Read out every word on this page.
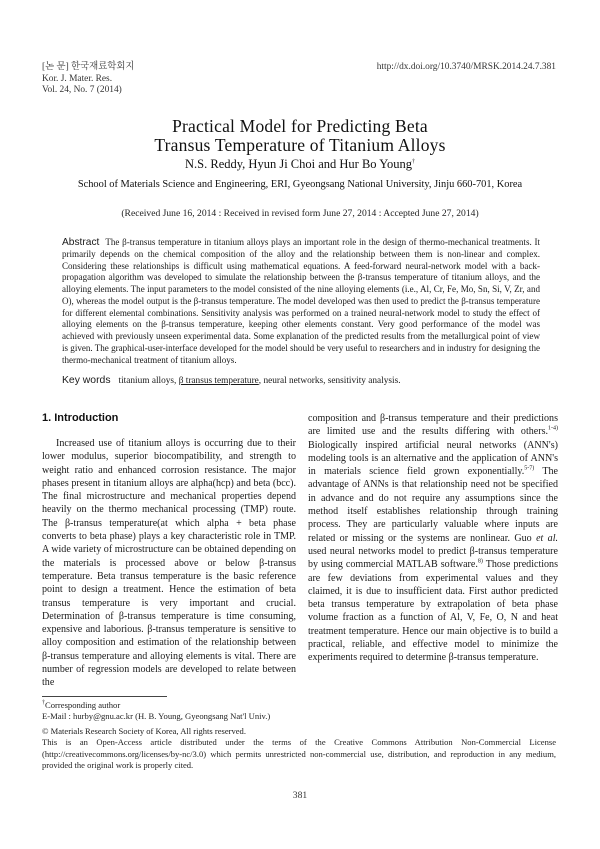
[논 문] 한국재료학회지
Kor. J. Mater. Res.
Vol. 24, No. 7 (2014)
http://dx.doi.org/10.3740/MRSK.2014.24.7.381
Practical Model for Predicting Beta
Transus Temperature of Titanium Alloys
N.S. Reddy, Hyun Ji Choi and Hur Bo Young†
School of Materials Science and Engineering, ERI, Gyeongsang National University, Jinju 660-701, Korea
(Received June 16, 2014 : Received in revised form June 27, 2014 : Accepted June 27, 2014)
Abstract The β-transus temperature in titanium alloys plays an important role in the design of thermo-mechanical treatments. It primarily depends on the chemical composition of the alloy and the relationship between them is non-linear and complex. Considering these relationships is difficult using mathematical equations. A feed-forward neural-network model with a back-propagation algorithm was developed to simulate the relationship between the β-transus temperature of titanium alloys, and the alloying elements. The input parameters to the model consisted of the nine alloying elements (i.e., Al, Cr, Fe, Mo, Sn, Si, V, Zr, and O), whereas the model output is the β-transus temperature. The model developed was then used to predict the β-transus temperature for different elemental combinations. Sensitivity analysis was performed on a trained neural-network model to study the effect of alloying elements on the β-transus temperature, keeping other elements constant. Very good performance of the model was achieved with previously unseen experimental data. Some explanation of the predicted results from the metallurgical point of view is given. The graphical-user-interface developed for the model should be very useful to researchers and in industry for designing the thermo-mechanical treatment of titanium alloys.
Key words titanium alloys, β transus temperature, neural networks, sensitivity analysis.
1. Introduction
Increased use of titanium alloys is occurring due to their lower modulus, superior biocompatibility, and strength to weight ratio and enhanced corrosion resistance. The major phases present in titanium alloys are alpha(hcp) and beta (bcc). The final microstructure and mechanical properties depend heavily on the thermo mechanical processing (TMP) route. The β-transus temperature(at which alpha + beta phase converts to beta phase) plays a key characteristic role in TMP. A wide variety of microstructure can be obtained depending on the materials is processed above or below β-transus temperature. Beta transus temperature is the basic reference point to design a treatment. Hence the estimation of beta transus temperature is very important and crucial. Determination of β-transus temperature is time consuming, expensive and laborious. β-transus temperature is sensitive to alloy composition and estimation of the relationship between β-transus temperature and alloying elements is vital. There are number of regression models are developed to relate between the
composition and β-transus temperature and their predictions are limited use and the results differing with others.$^{1-4)}$ Biologically inspired artificial neural networks (ANN's) modeling tools is an alternative and the application of ANN's in materials science field grown exponentially.$^{5-7)}$ The advantage of ANNs is that relationship need not be specified in advance and do not require any assumptions since the method itself establishes relationship through training process. They are particularly valuable where inputs are related or missing or the systems are nonlinear. Guo et al. used neural networks model to predict β-transus temperature by using commercial MATLAB software.$^{8)}$ Those predictions are few deviations from experimental values and they claimed, it is due to insufficient data. First author predicted beta transus temperature by extrapolation of beta phase volume fraction as a function of Al, V, Fe, O, N and heat treatment temperature. Hence our main objective is to build a practical, reliable, and effective model to minimize the experiments required to determine β-transus temperature.
†Corresponding author
E-Mail : hurby@gnu.ac.kr (H. B. Young, Gyeongsang Nat'l Univ.)
© Materials Research Society of Korea, All rights reserved.
This is an Open-Access article distributed under the terms of the Creative Commons Attribution Non-Commercial License (http://creativecommons.org/licenses/by-nc/3.0) which permits unrestricted non-commercial use, distribution, and reproduction in any medium, provided the original work is properly cited.
381
